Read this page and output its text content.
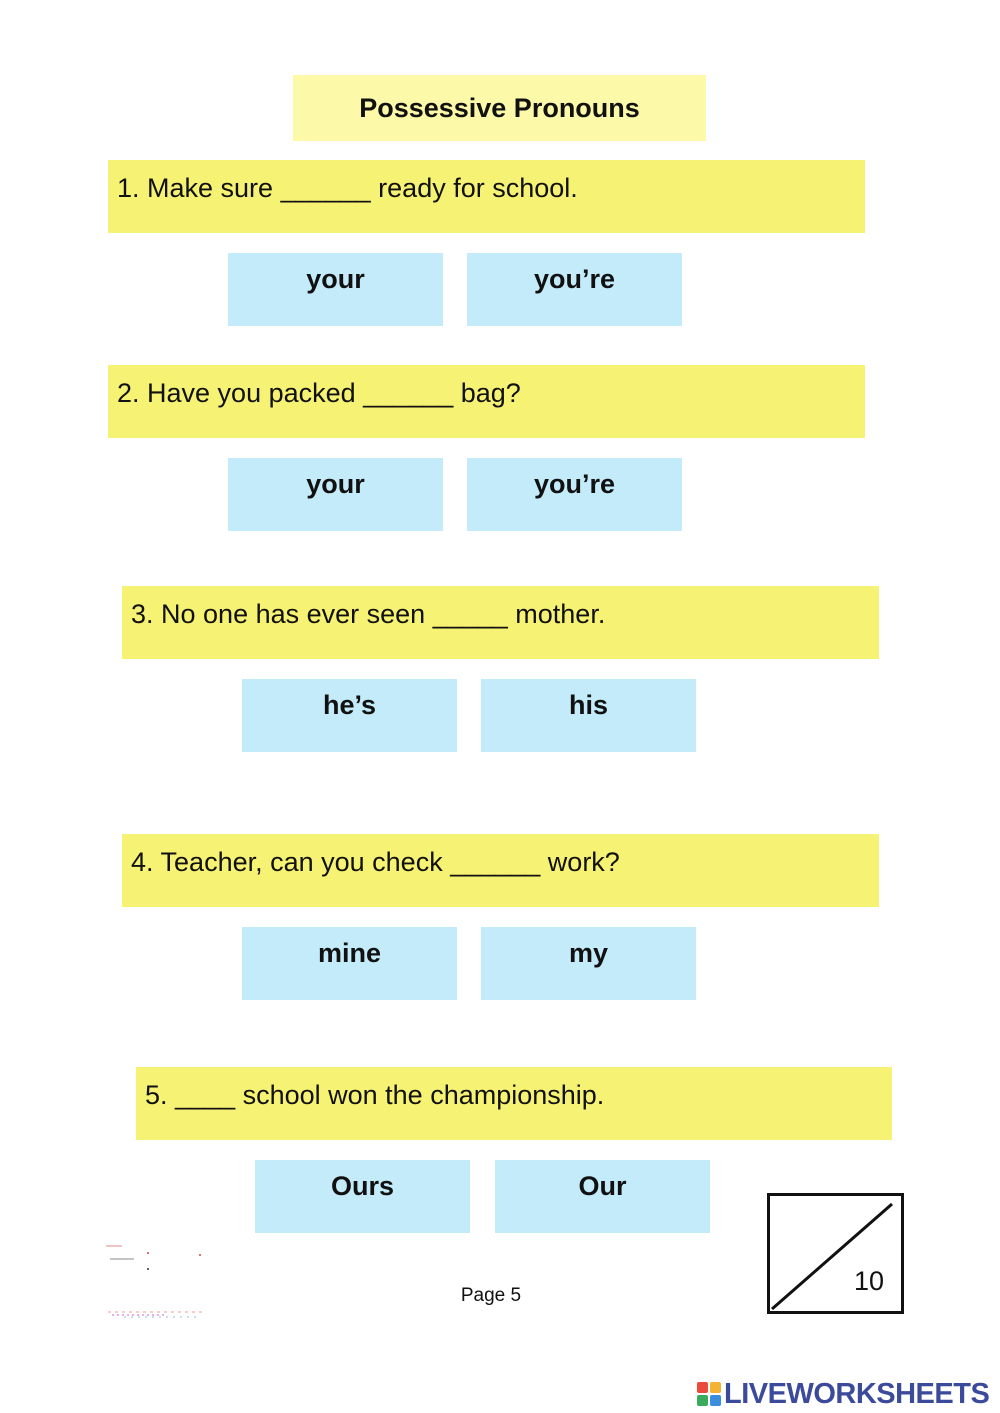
Possessive Pronouns
1. Make sure ______ ready for school.
your	you’re
2. Have you packed ______ bag?
your	you’re
3. No one has ever seen _____ mother.
he’s	his
4. Teacher, can you check ______ work?
mine	my
5. ____ school won the championship.
Ours	Our
Page 5	10
LIVEWORKSHEETS
